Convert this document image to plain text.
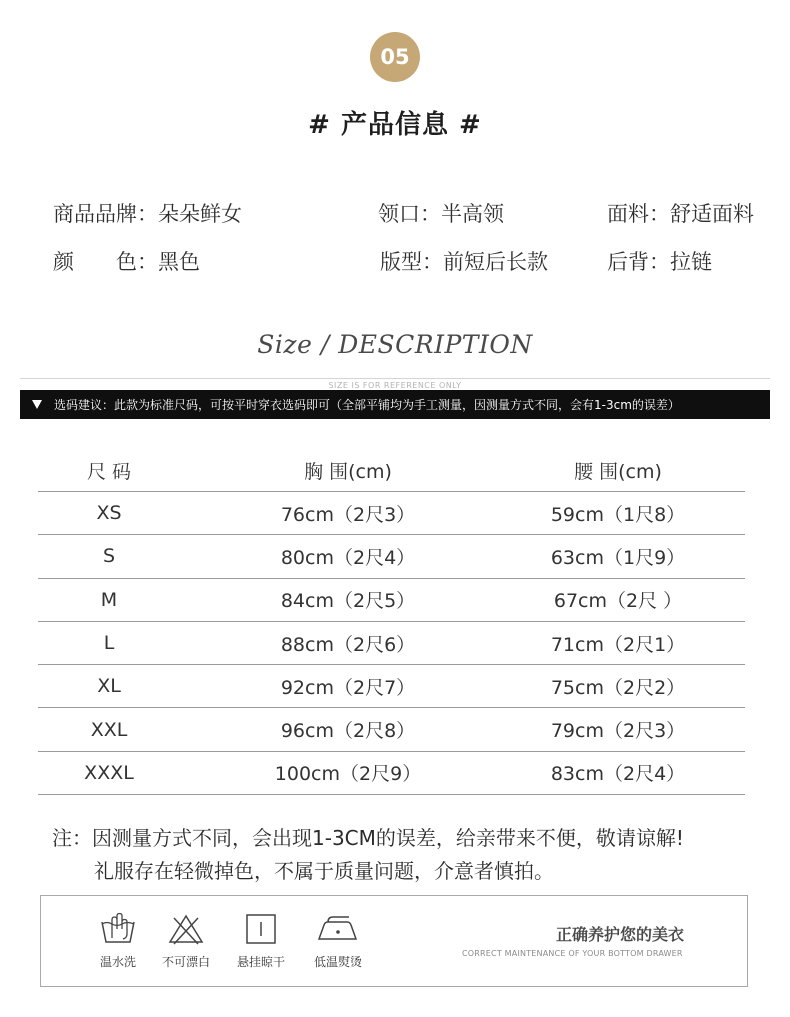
05
# 产品信息 #
商品品牌：朵朵鲜女	领口：半高领	面料：舒适面料
颜　　色：黑色	版型：前短后长款	后背：拉链
Size / DESCRIPTION
SIZE IS FOR REFERENCE ONLY
选码建议：此款为标准尺码，可按平时穿衣选码即可（全部平铺均为手工测量，因测量方式不同，会有1-3cm的误差）
尺 码	胸 围(cm)	腰 围(cm)
XS	76cm（2尺3）	59cm（1尺8）
S	80cm（2尺4）	63cm（1尺9）
M	84cm（2尺5）	67cm（2尺 ）
L	88cm（2尺6）	71cm（2尺1）
XL	92cm（2尺7）	75cm（2尺2）
XXL	96cm（2尺8）	79cm（2尺3）
XXXL	100cm（2尺9）	83cm（2尺4）
注：因测量方式不同，会出现1-3CM的误差，给亲带来不便，敬请谅解!
礼服存在轻微掉色，不属于质量问题，介意者慎拍。
温水洗	不可漂白	悬挂晾干	低温熨烫
正确养护您的美衣
CORRECT MAINTENANCE OF YOUR BOTTOM DRAWER
